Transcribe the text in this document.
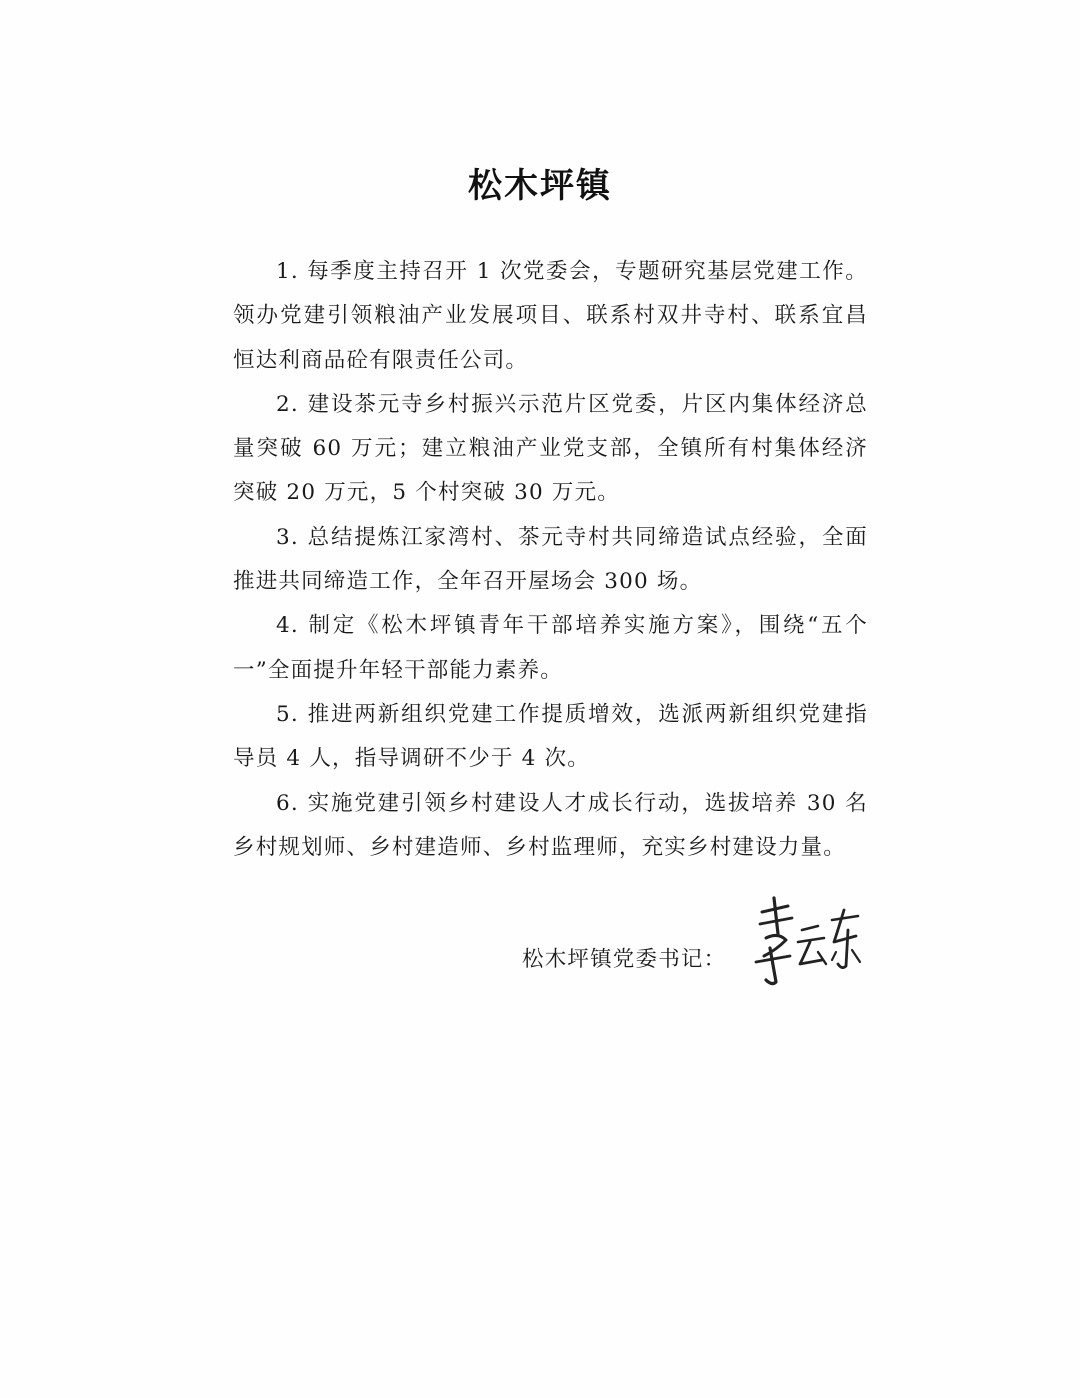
松木坪镇

1. 每季度主持召开 1 次党委会，专题研究基层党建工作。领办党建引领粮油产业发展项目、联系村双井寺村、联系宜昌恒达利商品砼有限责任公司。

2. 建设茶元寺乡村振兴示范片区党委，片区内集体经济总量突破 60 万元；建立粮油产业党支部，全镇所有村集体经济突破 20 万元，5 个村突破 30 万元。

3. 总结提炼江家湾村、茶元寺村共同缔造试点经验，全面推进共同缔造工作，全年召开屋场会 300 场。

4. 制定《松木坪镇青年干部培养实施方案》，围绕“五个一”全面提升年轻干部能力素养。

5. 推进两新组织党建工作提质增效，选派两新组织党建指导员 4 人，指导调研不少于 4 次。

6. 实施党建引领乡村建设人才成长行动，选拔培养 30 名乡村规划师、乡村建造师、乡村监理师，充实乡村建设力量。

松木坪镇党委书记：
